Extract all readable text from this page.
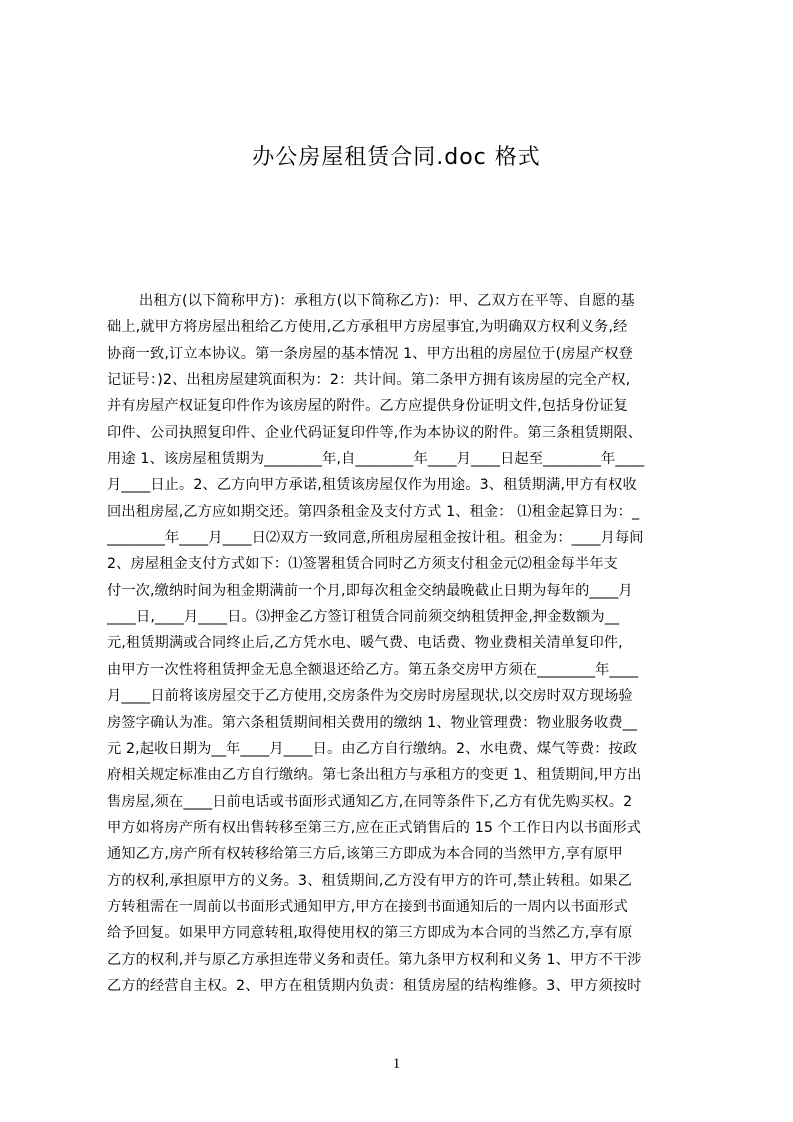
办公房屋租赁合同.doc 格式
出租方(以下简称甲方)：承租方(以下简称乙方)：甲、乙双方在平等、自愿的基
础上,就甲方将房屋出租给乙方使用,乙方承租甲方房屋事宜,为明确双方权利义务,经
协商一致,订立本协议。第一条房屋的基本情况 1、甲方出租的房屋位于(房屋产权登
记证号：)2、出租房屋建筑面积为：2：共计间。第二条甲方拥有该房屋的完全产权,
并有房屋产权证复印件作为该房屋的附件。乙方应提供身份证明文件,包括身份证复
印件、公司执照复印件、企业代码证复印件等,作为本协议的附件。第三条租赁期限、
用途 1、该房屋租赁期为________年,自________年____月____日起至________年____
月____日止。2、乙方向甲方承诺,租赁该房屋仅作为用途。3、租赁期满,甲方有权收
回出租房屋,乙方应如期交还。第四条租金及支付方式 1、租金： ⑴租金起算日为：_
________年____月____日⑵双方一致同意,所租房屋租金按计租。租金为：____月每间
2、房屋租金支付方式如下：⑴签署租赁合同时乙方须支付租金元⑵租金每半年支
付一次,缴纳时间为租金期满前一个月,即每次租金交纳最晚截止日期为每年的____月
____日,____月____日。⑶押金乙方签订租赁合同前须交纳租赁押金,押金数额为__
元,租赁期满或合同终止后,乙方凭水电、暖气费、电话费、物业费相关清单复印件,
由甲方一次性将租赁押金无息全额退还给乙方。第五条交房甲方须在________年____
月____日前将该房屋交于乙方使用,交房条件为交房时房屋现状,以交房时双方现场验
房签字确认为准。第六条租赁期间相关费用的缴纳 1、物业管理费：物业服务收费__
元 2,起收日期为__年____月____日。由乙方自行缴纳。2、水电费、煤气等费：按政
府相关规定标准由乙方自行缴纳。第七条出租方与承租方的变更 1、租赁期间,甲方出
售房屋,须在____日前电话或书面形式通知乙方,在同等条件下,乙方有优先购买权。2
甲方如将房产所有权出售转移至第三方,应在正式销售后的 15 个工作日内以书面形式
通知乙方,房产所有权转移给第三方后,该第三方即成为本合同的当然甲方,享有原甲
方的权利,承担原甲方的义务。3、租赁期间,乙方没有甲方的许可,禁止转租。如果乙
方转租需在一周前以书面形式通知甲方,甲方在接到书面通知后的一周内以书面形式
给予回复。如果甲方同意转租,取得使用权的第三方即成为本合同的当然乙方,享有原
乙方的权利,并与原乙方承担连带义务和责任。第九条甲方权利和义务 1、甲方不干涉
乙方的经营自主权。2、甲方在租赁期内负责：租赁房屋的结构维修。3、甲方须按时
1
